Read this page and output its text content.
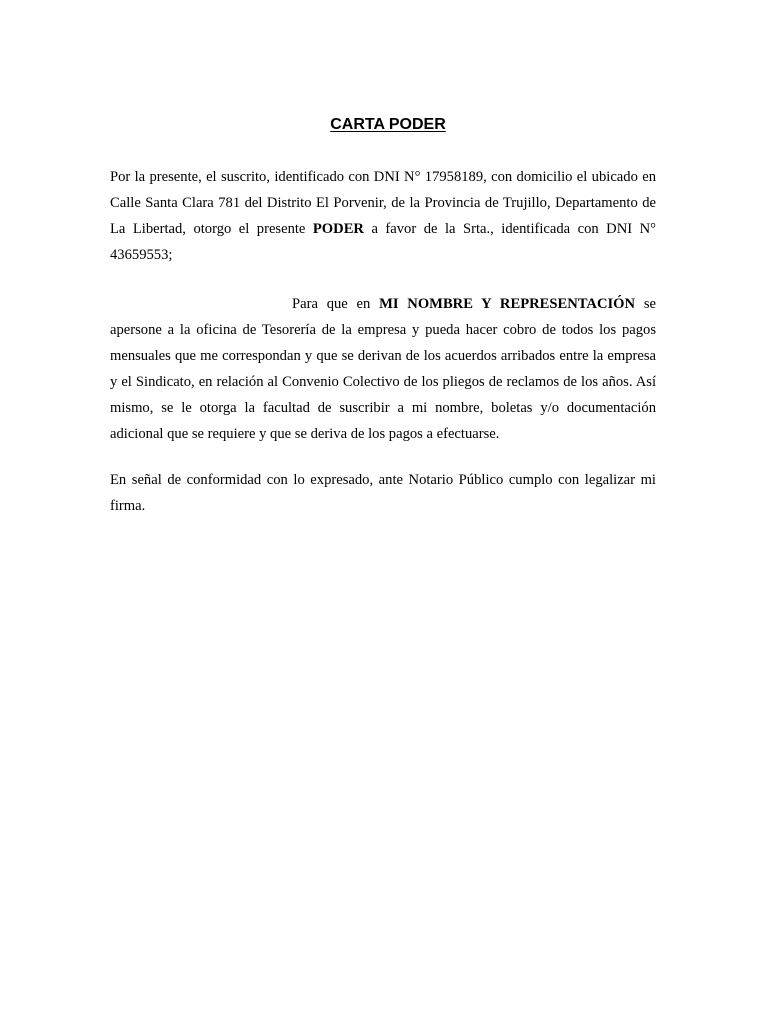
CARTA PODER

Por la presente, el suscrito, identificado con DNI N° 17958189, con domicilio el ubicado en Calle Santa Clara 781 del Distrito El Porvenir, de la Provincia de Trujillo, Departamento de La Libertad, otorgo el presente PODER a favor de la Srta., identificada con DNI N° 43659553;

Para que en MI NOMBRE Y REPRESENTACIÓN se apersone a la oficina de Tesorería de la empresa y pueda hacer cobro de todos los pagos mensuales que me correspondan y que se derivan de los acuerdos arribados entre la empresa y el Sindicato, en relación al Convenio Colectivo de los pliegos de reclamos de los años. Así mismo, se le otorga la facultad de suscribir a mi nombre, boletas y/o documentación adicional que se requiere y que se deriva de los pagos a efectuarse.

En señal de conformidad con lo expresado, ante Notario Público cumplo con legalizar mi firma.
